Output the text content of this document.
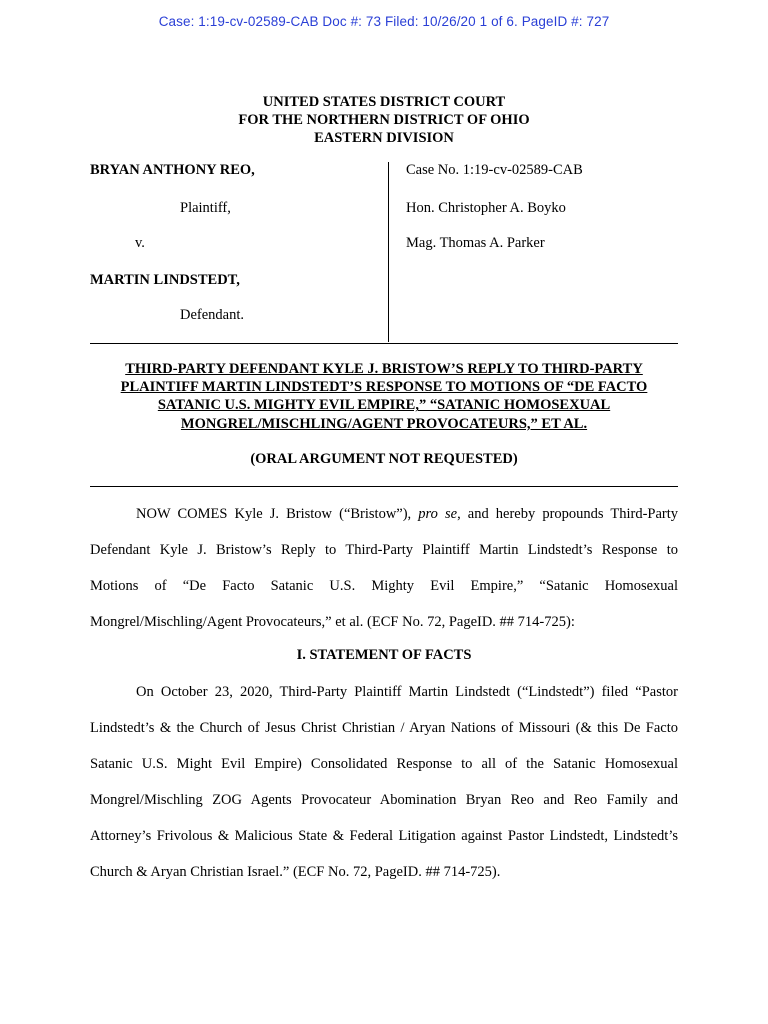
Case: 1:19-cv-02589-CAB Doc #: 73 Filed: 10/26/20 1 of 6. PageID #: 727
UNITED STATES DISTRICT COURT
FOR THE NORTHERN DISTRICT OF OHIO
EASTERN DIVISION
BRYAN ANTHONY REO,
Plaintiff,
v.
MARTIN LINDSTEDT,
Defendant.
Case No. 1:19-cv-02589-CAB
Hon. Christopher A. Boyko
Mag. Thomas A. Parker
THIRD-PARTY DEFENDANT KYLE J. BRISTOW’S REPLY TO THIRD-PARTY
PLAINTIFF MARTIN LINDSTEDT’S RESPONSE TO MOTIONS OF “DE FACTO
SATANIC U.S. MIGHTY EVIL EMPIRE,” “SATANIC HOMOSEXUAL
MONGREL/MISCHLING/AGENT PROVOCATEURS,” ET AL.
(ORAL ARGUMENT NOT REQUESTED)
NOW COMES Kyle J. Bristow (“Bristow”), pro se, and hereby propounds Third-Party
Defendant Kyle J. Bristow’s Reply to Third-Party Plaintiff Martin Lindstedt’s Response to
Motions of “De Facto Satanic U.S. Mighty Evil Empire,” “Satanic Homosexual
Mongrel/Mischling/Agent Provocateurs,” et al. (ECF No. 72, PageID. ## 714-725):
I. STATEMENT OF FACTS
On October 23, 2020, Third-Party Plaintiff Martin Lindstedt (“Lindstedt”) filed “Pastor
Lindstedt’s & the Church of Jesus Christ Christian / Aryan Nations of Missouri (& this De Facto
Satanic U.S. Might Evil Empire) Consolidated Response to all of the Satanic Homosexual
Mongrel/Mischling ZOG Agents Provocateur Abomination Bryan Reo and Reo Family and
Attorney’s Frivolous & Malicious State & Federal Litigation against Pastor Lindstedt, Lindstedt’s
Church & Aryan Christian Israel.” (ECF No. 72, PageID. ## 714-725).
